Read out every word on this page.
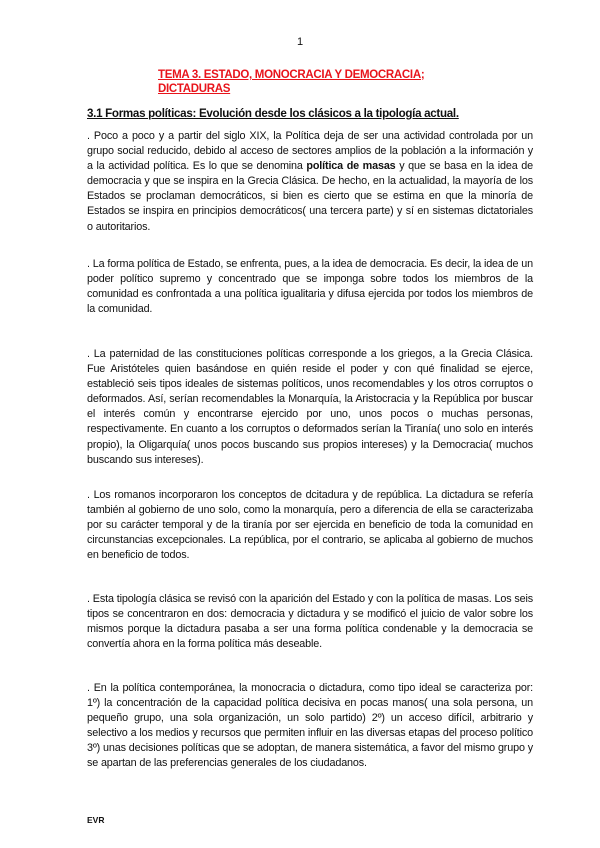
1
TEMA 3. ESTADO, MONOCRACIA Y DEMOCRACIA; DICTADURAS
3.1 Formas políticas: Evolución desde los clásicos a la tipología actual.
. Poco a poco y a partir del siglo XIX, la Política deja de ser una actividad controlada por un grupo social reducido, debido al acceso de sectores amplios de la población a la información y a la actividad política. Es lo que se denomina política de masas y que se basa en la idea de democracia y que se inspira en la Grecia Clásica. De hecho, en la actualidad, la mayoría de los Estados se proclaman democráticos, si bien es cierto que se estima en que la minoría de Estados se inspira en principios democráticos( una tercera parte) y sí en sistemas dictatoriales o autoritarios.
. La forma política de Estado, se enfrenta, pues, a la idea de democracia. Es decir, la idea de un poder político supremo y concentrado que se imponga sobre todos los miembros de la comunidad es confrontada a una política igualitaria y difusa ejercida por todos los miembros de la comunidad.
. La paternidad de las constituciones políticas corresponde a los griegos, a la Grecia Clásica. Fue Aristóteles quien basándose en quién reside el poder y con qué finalidad se ejerce, estableció seis tipos ideales de sistemas políticos, unos recomendables y los otros corruptos o deformados. Así, serían recomendables la Monarquía, la Aristocracia y la República por buscar el interés común y encontrarse ejercido por uno, unos pocos o muchas personas, respectivamente. En cuanto a los corruptos o deformados serían la Tiranía( uno solo en interés propio), la Oligarquía( unos pocos buscando sus propios intereses) y la Democracia( muchos buscando sus intereses).
. Los romanos incorporaron los conceptos de dcitadura y de república. La dictadura se refería también al gobierno de uno solo, como la monarquía, pero a diferencia de ella se caracterizaba por su carácter temporal y de la tiranía por ser ejercida en beneficio de toda la comunidad en circunstancias excepcionales. La república, por el contrario, se aplicaba al gobierno de muchos en beneficio de todos.
. Esta tipología clásica se revisó con la aparición del Estado y con la política de masas. Los seis tipos se concentraron en dos: democracia y dictadura y se modificó el juicio de valor sobre los mismos porque la dictadura pasaba a ser una forma política condenable y la democracia se convertía ahora en la forma política más deseable.
. En la política contemporánea, la monocracia o dictadura, como tipo ideal se caracteriza por: 1º) la concentración de la capacidad política decisiva en pocas manos( una sola persona, un pequeño grupo, una sola organización, un solo partido) 2º) un acceso difícil, arbitrario y selectivo a los medios y recursos que permiten influir en las diversas etapas del proceso político 3º) unas decisiones políticas que se adoptan, de manera sistemática, a favor del mismo grupo y se apartan de las preferencias generales de los ciudadanos.
EVR
